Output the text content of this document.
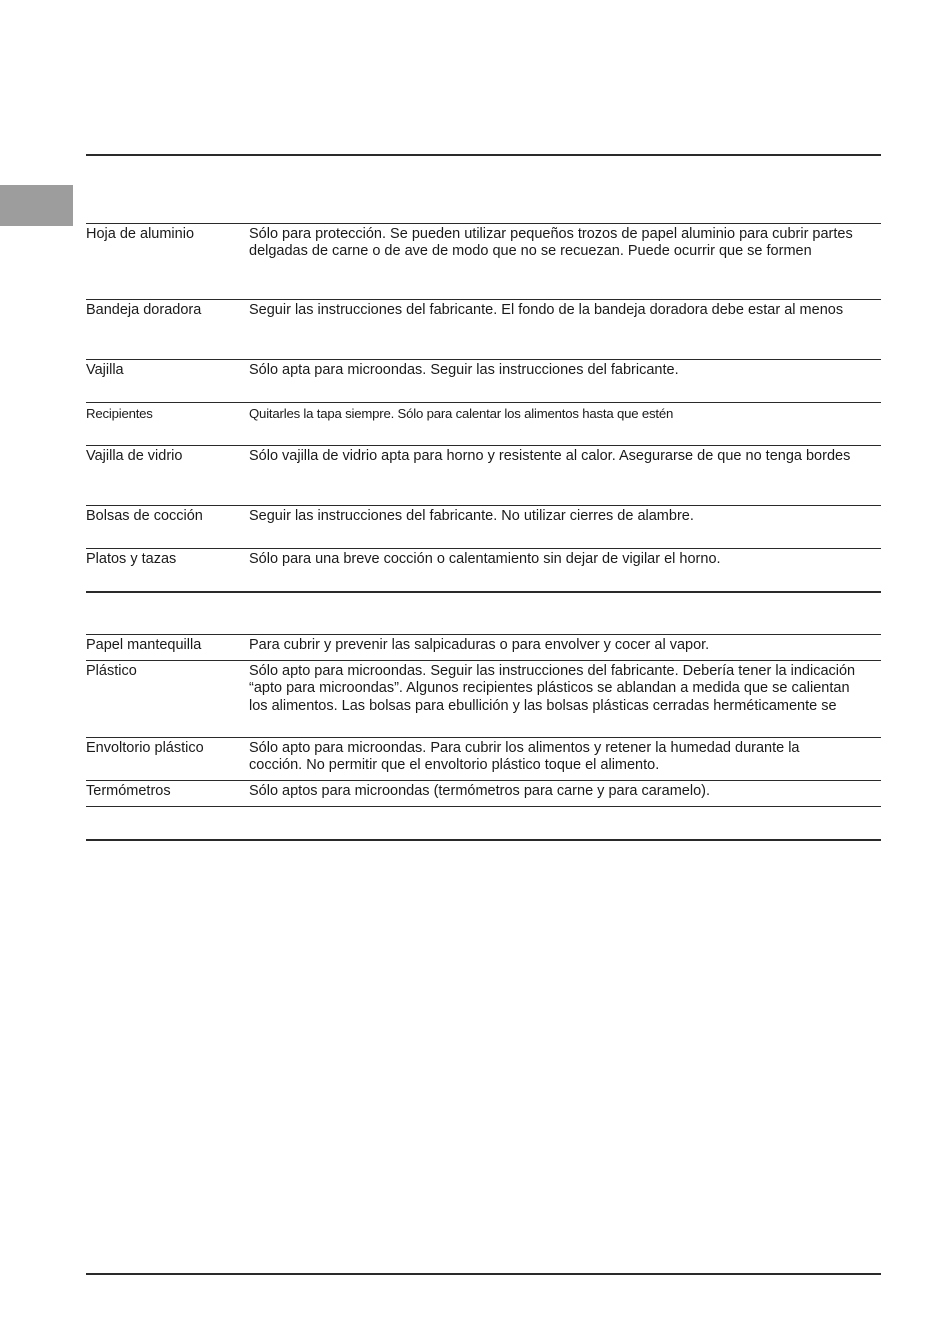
Hoja de aluminio	Sólo para protección. Se pueden utilizar pequeños trozos de papel aluminio para cubrir partes
delgadas de carne o de ave de modo que no se recuezan. Puede ocurrir que se formen
Bandeja doradora	Seguir las instrucciones del fabricante. El fondo de la bandeja doradora debe estar al menos
Vajilla	Sólo apta para microondas. Seguir las instrucciones del fabricante.
Recipientes	Quitarles la tapa siempre. Sólo para calentar los alimentos hasta que estén
Vajilla de vidrio	Sólo vajilla de vidrio apta para horno y resistente al calor. Asegurarse de que no tenga bordes
Bolsas de cocción	Seguir las instrucciones del fabricante. No utilizar cierres de alambre.
Platos y tazas	Sólo para una breve cocción o calentamiento sin dejar de vigilar el horno.
Papel mantequilla	Para cubrir y prevenir las salpicaduras o para envolver y cocer al vapor.
Plástico	Sólo apto para microondas. Seguir las instrucciones del fabricante. Debería tener la indicación
“apto para microondas”. Algunos recipientes plásticos se ablandan a medida que se calientan
los alimentos. Las bolsas para ebullición y las bolsas plásticas cerradas herméticamente se
Envoltorio plástico	Sólo apto para microondas. Para cubrir los alimentos y retener la humedad durante la
cocción. No permitir que el envoltorio plástico toque el alimento.
Termómetros	Sólo aptos para microondas (termómetros para carne y para caramelo).
